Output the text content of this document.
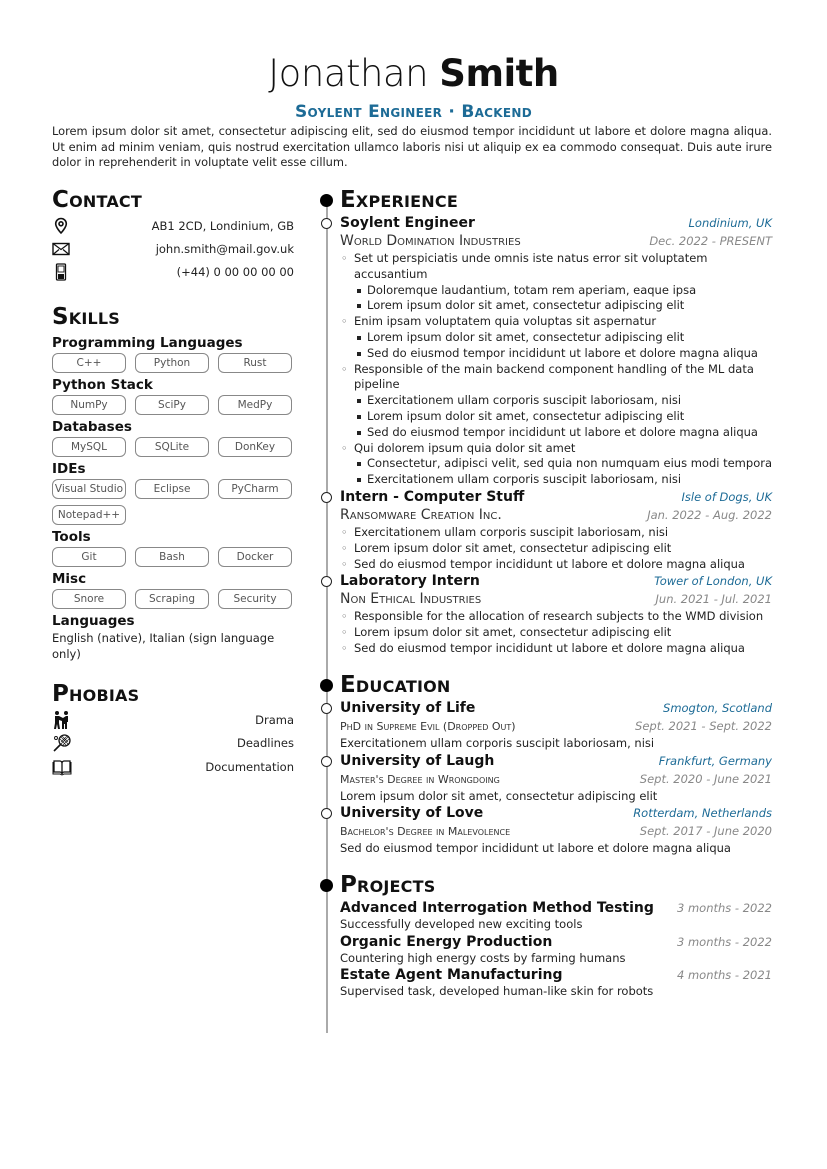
Jonathan Smith
Soylent Engineer · Backend
Lorem ipsum dolor sit amet, consectetur adipiscing elit, sed do eiusmod tempor incididunt ut labore et dolore magna aliqua. Ut enim ad minim veniam, quis nostrud exercitation ullamco laboris nisi ut aliquip ex ea commodo consequat. Duis aute irure dolor in reprehenderit in voluptate velit esse cillum.
Contact
AB1 2CD, Londinium, GB
john.smith@mail.gov.uk
(+44) 0 00 00 00 00
Skills
Programming Languages
C++	Python	Rust
Python Stack
NumPy	SciPy	MedPy
Databases
MySQL	SQLite	DonKey
IDEs
Visual Studio	Eclipse	PyCharm
Notepad++
Tools
Git	Bash	Docker
Misc
Snore	Scraping	Security
Languages
English (native), Italian (sign language only)
Phobias
Drama
Deadlines
Documentation
Experience
Soylent Engineer	Londinium, UK
World Domination Industries	Dec. 2022 - PRESENT
◦ Set ut perspiciatis unde omnis iste natus error sit voluptatem accusantium
Doloremque laudantium, totam rem aperiam, eaque ipsa
Lorem ipsum dolor sit amet, consectetur adipiscing elit
◦ Enim ipsam voluptatem quia voluptas sit aspernatur
Lorem ipsum dolor sit amet, consectetur adipiscing elit
Sed do eiusmod tempor incididunt ut labore et dolore magna aliqua
◦ Responsible of the main backend component handling of the ML data pipeline
Exercitationem ullam corporis suscipit laboriosam, nisi
Lorem ipsum dolor sit amet, consectetur adipiscing elit
Sed do eiusmod tempor incididunt ut labore et dolore magna aliqua
◦ Qui dolorem ipsum quia dolor sit amet
Consectetur, adipisci velit, sed quia non numquam eius modi tempora
Exercitationem ullam corporis suscipit laboriosam, nisi
Intern - Computer Stuff	Isle of Dogs, UK
Ransomware Creation Inc.	Jan. 2022 - Aug. 2022
◦ Exercitationem ullam corporis suscipit laboriosam, nisi
◦ Lorem ipsum dolor sit amet, consectetur adipiscing elit
◦ Sed do eiusmod tempor incididunt ut labore et dolore magna aliqua
Laboratory Intern	Tower of London, UK
Non Ethical Industries	Jun. 2021 - Jul. 2021
◦ Responsible for the allocation of research subjects to the WMD division
◦ Lorem ipsum dolor sit amet, consectetur adipiscing elit
◦ Sed do eiusmod tempor incididunt ut labore et dolore magna aliqua
Education
University of Life	Smogton, Scotland
PhD in Supreme Evil (Dropped Out)	Sept. 2021 - Sept. 2022
Exercitationem ullam corporis suscipit laboriosam, nisi
University of Laugh	Frankfurt, Germany
Master's Degree in Wrongdoing	Sept. 2020 - June 2021
Lorem ipsum dolor sit amet, consectetur adipiscing elit
University of Love	Rotterdam, Netherlands
Bachelor's Degree in Malevolence	Sept. 2017 - June 2020
Sed do eiusmod tempor incididunt ut labore et dolore magna aliqua
Projects
Advanced Interrogation Method Testing 3 months - 2022
Successfully developed new exciting tools
Organic Energy Production	3 months - 2022
Countering high energy costs by farming humans
Estate Agent Manufacturing	4 months - 2021
Supervised task, developed human-like skin for robots
